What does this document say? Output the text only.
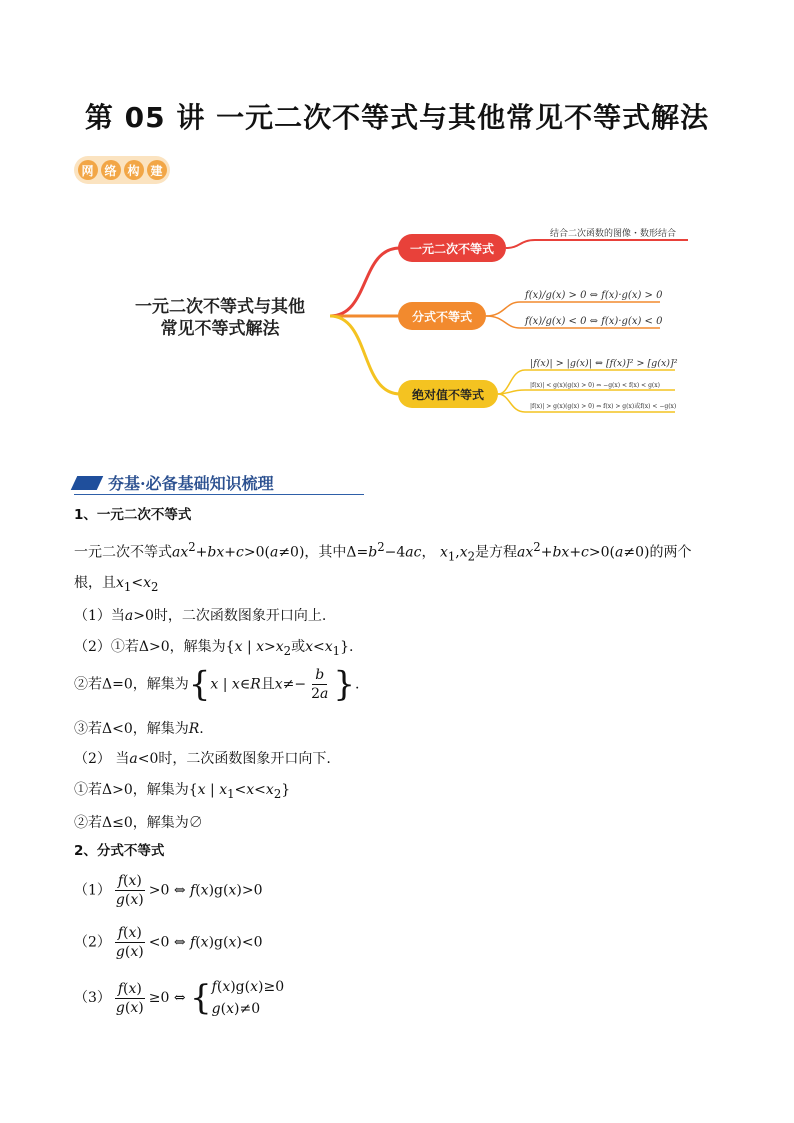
第 05 讲 一元二次不等式与其他常见不等式解法
网 络 构 建
一元二次不等式与其他
常见不等式解法
一元二次不等式
结合二次函数的图像・数形结合
分式不等式
f(x)/g(x) > 0 ⇔ f(x)·g(x) > 0
f(x)/g(x) < 0 ⇔ f(x)·g(x) < 0
绝对值不等式
|f(x)| > |g(x)| ⇔ [f(x)]² > [g(x)]²
|f(x)| < g(x)(g(x) > 0) ⇔ −g(x) < f(x) < g(x)
|f(x)| > g(x)(g(x) > 0) ⇔ f(x) > g(x)或f(x) < −g(x)
夯基·必备基础知识梳理
1、一元二次不等式
一元二次不等式$ax^2+bx+c>0(a\ne 0)$，其中$\Delta=b^2-4ac$， $x_1,x_2$是方程$ax^2+bx+c>0(a\ne 0)$的两个
根，且$x_1<x_2$
（1）当a>0时，二次函数图象开口向上.
（2）①若Δ>0，解集为{x | $x>x_2$或$x<x_1$}.
②若Δ=0，解集为{x | x∈R且$x\ne- \frac{b}{2a}$ }.
③若Δ<0，解集为R.
（2） 当a<0时，二次函数图象开口向下.
①若Δ>0，解集为{x | $x_1<x<x_2$}
②若Δ≤0，解集为∅
2、分式不等式
$(1) \frac{f(x)}{g(x)} >0$ ⇔ f(x)g(x)>0
$(2) \frac{f(x)}{g(x)} <0$ ⇔ f(x)g(x)<0
$(3) \frac{f(x)}{g(x)} \ge 0$ ⇔ { f(x)g(x)≥0
g(x)≠0
